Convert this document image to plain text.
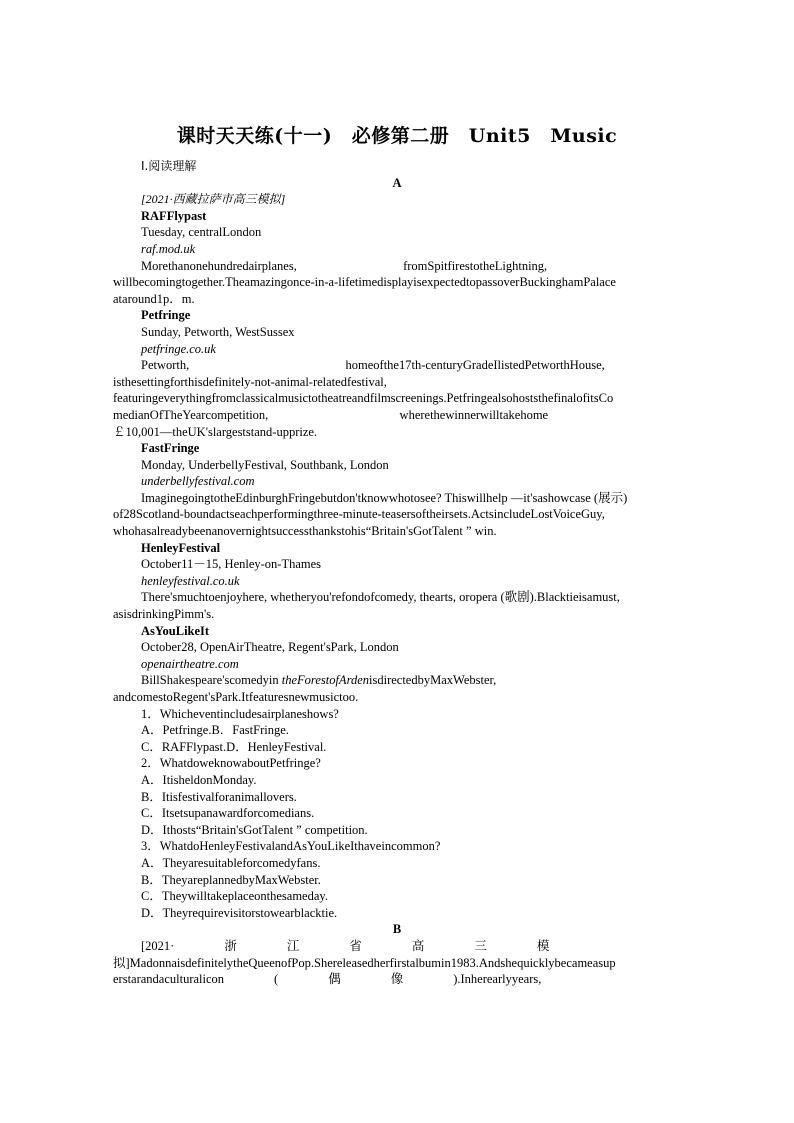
课时天天练(十一)　必修第二册　Unit5　Music
Ⅰ.阅读理解
A
[2021·西藏拉萨市高三模拟]
RAFFlypast
Tuesday, centralLondon
raf.mod.uk
Morethanonehundredairplanes,                                  fromSpitfirestotheLightning,
willbecomingtogether.Theamazingonce-in-a-lifetimedisplayisexpectedtopassoverBuckinghamPalace
ataround1p．m.
Petfringe
Sunday, Petworth, WestSussex
petfringe.co.uk
Petworth,                                                  homeofthe17th-centuryGradeIlistedPetworthHouse,
isthesettingforthisdefinitely-not-animal-relatedfestival,
featuringeverythingfromclassicalmusictotheatreandfilmscreenings.PetfringealsohoststhefinalofitsCo
medianOfTheYearcompetition,                                          wherethewinnerwilltakehome
￡10,001—theUK'slargeststand-upprize.
FastFringe
Monday, UnderbellyFestival, Southbank, London
underbellyfestival.com
ImaginegoingtotheEdinburghFringebutdon'tknowwhotosee? Thiswillhelp —it'sashowcase (展示)
of28Scotland-boundactseachperformingthree-minute-teasersoftheirsets.ActsincludeLostVoiceGuy,
whohasalreadybeenanovernightsuccessthankstohis“Britain'sGotTalent ” win.
HenleyFestival
October11－15, Henley-on-Thames
henleyfestival.co.uk
There'smuchtoenjoyhere, whetheryou'refondofcomedy, thearts, oropera (歌剧).Blacktieisamust,
asisdrinkingPimm's.
AsYouLikeIt
October28, OpenAirTheatre, Regent'sPark, London
openairtheatre.com
BillShakespeare'scomedyin theForestofArdenisdirectedbyMaxWebster,
andcomestoRegent'sPark.Itfeaturesnewmusictoo.
1．Whicheventincludesairplaneshows?
A．Petfringe.B．FastFringe.
C．RAFFlypast.D．HenleyFestival.
2．WhatdoweknowaboutPetfringe?
A．ItisheldonMonday.
B．Itisfestivalforanimallovers.
C．Itsetsupanawardforcomedians.
D．Ithosts“Britain'sGotTalent ” competition.
3．WhatdoHenleyFestivalandAsYouLikeIthaveincommon?
A．Theyaresuitableforcomedyfans.
B．TheyareplannedbyMaxWebster.
C．Theywilltakeplaceonthesameday.
D．Theyrequirevisitorstowearblacktie.
B
[2021·　　　　浙　　　　江　　　　省　　　　高　　　　三　　　　模
拟]MadonnaisdefinitelytheQueenofPop.Shereleasedherfirstalbumin1983.Andshequicklybecameasup
erstarandaculturalicon                (                偶                像                ).Inherearlyyears,
